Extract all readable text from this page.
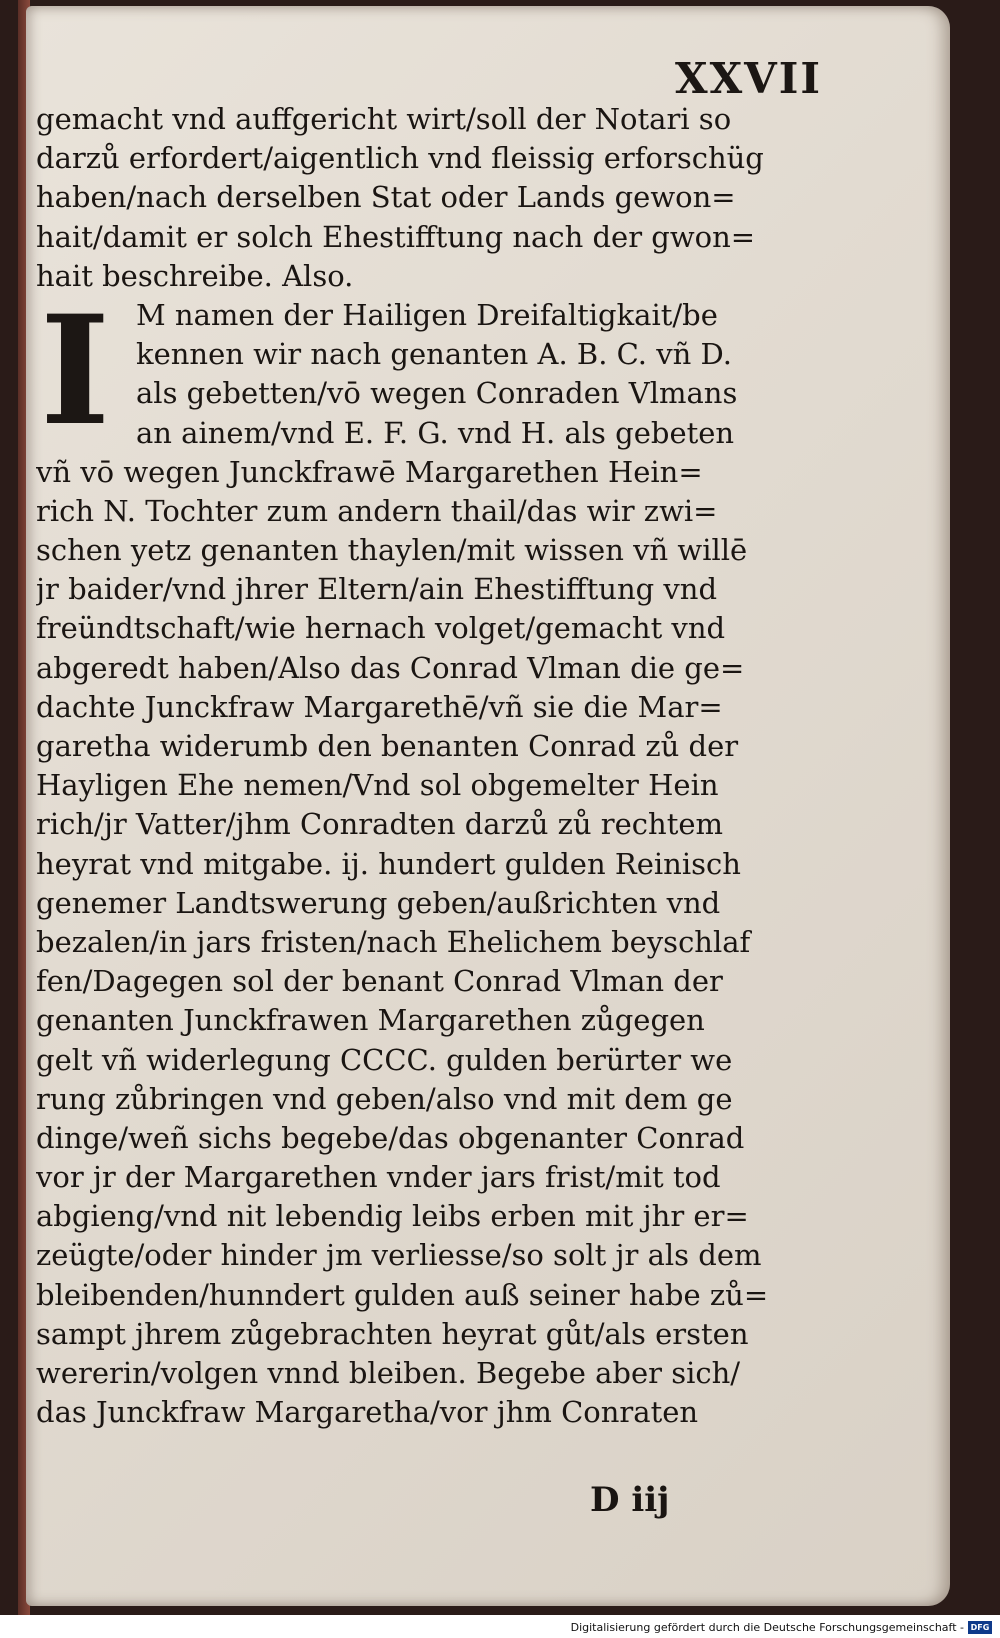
XXVII
I
gemacht vnd auffgericht wirt/soll der Notari so
darzů erfordert/aigentlich vnd fleissig erforschüg
haben/nach derselben Stat oder Lands gewon=
hait/damit er solch Ehestifftung nach der gwon=
hait beschreibe. Also.
M namen der Hailigen Dreifaltigkait/be
kennen wir nach genanten A. B. C. vñ D.
als gebetten/vō wegen Conraden Vlmans
an ainem/vnd E. F. G. vnd H. als gebeten
vñ vō wegen Junckfrawē Margarethen Hein=
rich N. Tochter zum andern thail/das wir zwi=
schen yetz genanten thaylen/mit wissen vñ willē
jr baider/vnd jhrer Eltern/ain Ehestifftung vnd
freündtschaft/wie hernach volget/gemacht vnd
abgeredt haben/Also das Conrad Vlman die ge=
dachte Junckfraw Margarethē/vñ sie die Mar=
garetha widerumb den benanten Conrad zů der
Hayligen Ehe nemen/Vnd sol obgemelter Hein
rich/jr Vatter/jhm Conradten darzů zů rechtem
heyrat vnd mitgabe. ij. hundert gulden Reinisch
genemer Landtswerung geben/außrichten vnd
bezalen/in jars fristen/nach Ehelichem beyschlaf
fen/Dagegen sol der benant Conrad Vlman der
genanten Junckfrawen Margarethen zůgegen
gelt vñ widerlegung CCCC. gulden berürter we
rung zůbringen vnd geben/also vnd mit dem ge
dinge/weñ sichs begebe/das obgenanter Conrad
vor jr der Margarethen vnder jars frist/mit tod
abgieng/vnd nit lebendig leibs erben mit jhr er=
zeügte/oder hinder jm verliesse/so solt jr als dem
bleibenden/hunndert gulden auß seiner habe zů=
sampt jhrem zůgebrachten heyrat gůt/als ersten
wererin/volgen vnnd bleiben. Begebe aber sich/
das Junckfraw Margaretha/vor jhm Conraten
D iij
Digitalisierung gefördert durch die Deutsche Forschungsgemeinschaft - DFG
